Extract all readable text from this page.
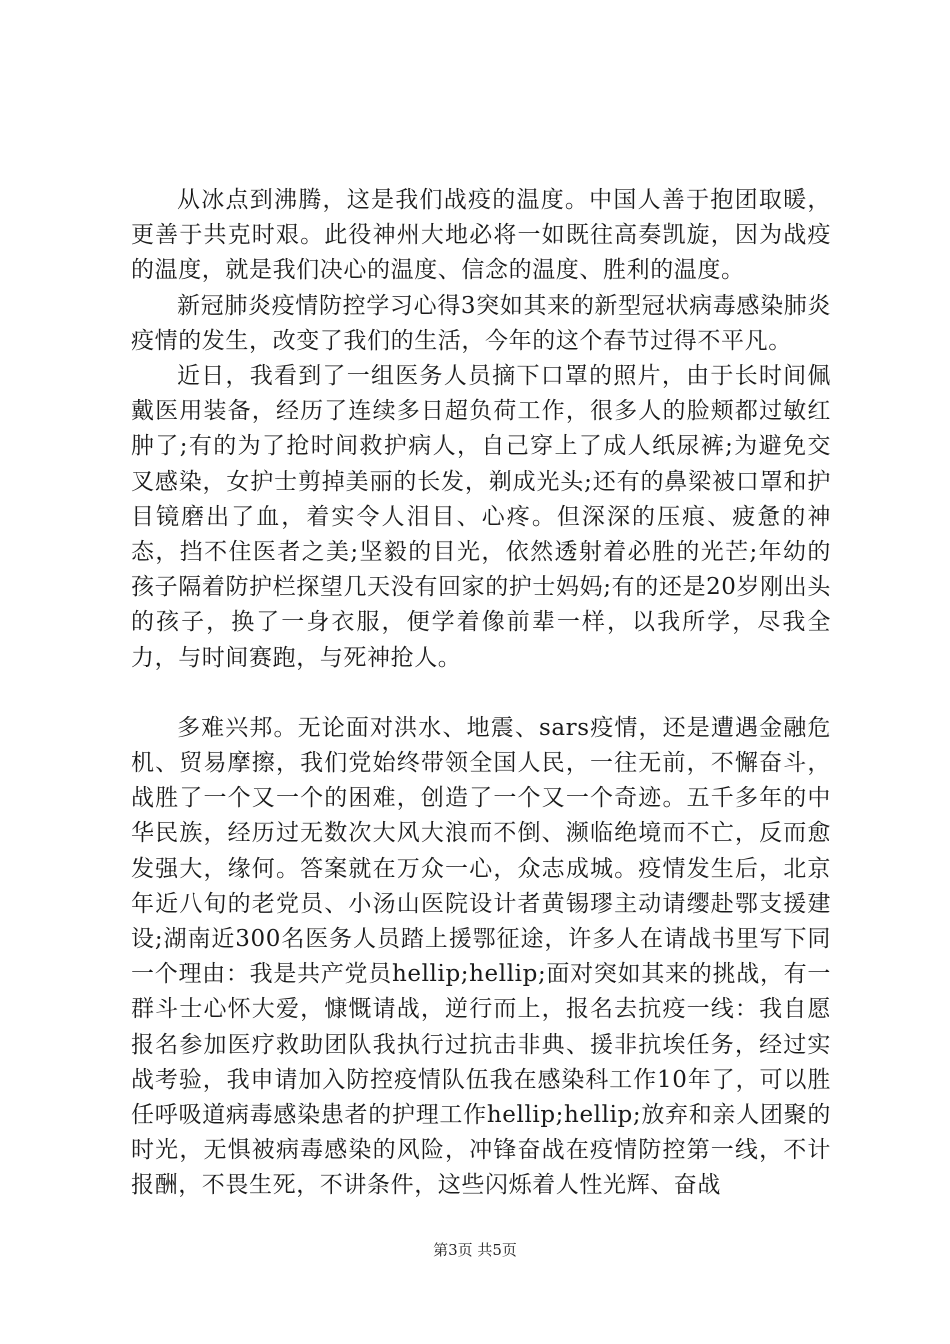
从冰点到沸腾，这是我们战疫的温度。中国人善于抱团取暖，更善于共克时艰。此役神州大地必将一如既往高奏凯旋，因为战疫的温度，就是我们决心的温度、信念的温度、胜利的温度。

新冠肺炎疫情防控学习心得3突如其来的新型冠状病毒感染肺炎疫情的发生，改变了我们的生活，今年的这个春节过得不平凡。

近日，我看到了一组医务人员摘下口罩的照片，由于长时间佩戴医用装备，经历了连续多日超负荷工作，很多人的脸颊都过敏红肿了;有的为了抢时间救护病人，自己穿上了成人纸尿裤;为避免交叉感染，女护士剪掉美丽的长发，剃成光头;还有的鼻梁被口罩和护目镜磨出了血，着实令人泪目、心疼。但深深的压痕、疲惫的神态，挡不住医者之美;坚毅的目光，依然透射着必胜的光芒;年幼的孩子隔着防护栏探望几天没有回家的护士妈妈;有的还是20岁刚出头的孩子，换了一身衣服，便学着像前辈一样，以我所学，尽我全力，与时间赛跑，与死神抢人。

多难兴邦。无论面对洪水、地震、sars疫情，还是遭遇金融危机、贸易摩擦，我们党始终带领全国人民，一往无前，不懈奋斗，战胜了一个又一个的困难，创造了一个又一个奇迹。五千多年的中华民族，经历过无数次大风大浪而不倒、濒临绝境而不亡，反而愈发强大，缘何。答案就在万众一心，众志成城。疫情发生后，北京年近八旬的老党员、小汤山医院设计者黄锡璆主动请缨赴鄂支援建设;湖南近300名医务人员踏上援鄂征途，许多人在请战书里写下同一个理由：我是共产党员hellip;hellip;面对突如其来的挑战，有一群斗士心怀大爱，慷慨请战，逆行而上，报名去抗疫一线：我自愿报名参加医疗救助团队我执行过抗击非典、援非抗埃任务，经过实战考验，我申请加入防控疫情队伍我在感染科工作10年了，可以胜任呼吸道病毒感染患者的护理工作hellip;hellip;放弃和亲人团聚的时光，无惧被病毒感染的风险，冲锋奋战在疫情防控第一线，不计报酬，不畏生死，不讲条件，这些闪烁着人性光辉、奋战

第3页 共5页
